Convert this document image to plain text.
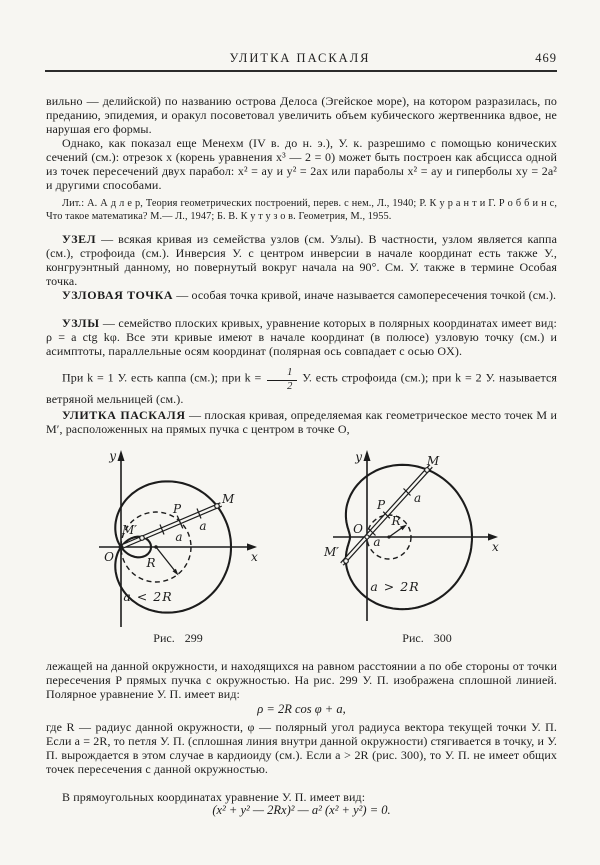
УЛИТКА ПАСКАЛЯ	469
вильно — делийской) по названию острова Делоса (Эгейское море), на котором разразилась, по преданию, эпидемия, и оракул посоветовал увеличить объем кубического жертвенника вдвое, не нарушая его формы.
Однако, как показал еще Менехм (IV в. до н. э.), У. к. разрешимо с помощью конических сечений (см.): отрезок x (корень уравнения x³ — 2 = 0) может быть построен как абсцисса одной из точек пересечений двух парабол: x² = ay и y² = 2ax или параболы x² = ay и гиперболы xy = 2a² и другими способами.
Лит.: А. А д л е р, Теория геометрических построений, перев. с нем., Л., 1940; Р. К у р а н т и Г. Р о б б и н с, Что такое математика? М.— Л., 1947; Б. В. К у т у з о в. Геометрия, М., 1955.
УЗЕЛ — всякая кривая из семейства узлов (см. Узлы). В частности, узлом является каппа (см.), строфоида (см.). Инверсия У. с центром инверсии в начале координат есть также У., конгруэнтный данному, но повернутый вокруг начала на 90°. См. У. также в термине Особая точка.
УЗЛОВАЯ ТОЧКА — особая точка кривой, иначе называется самопересечения точкой (см.).
УЗЛЫ — семейство плоских кривых, уравнение которых в полярных координатах имеет вид: ρ = a ctg kφ. Все эти кривые имеют в начале координат (в полюсе) узловую точку (см.) и асимптоты, параллельные осям координат (полярная ось совпадает с осью OX).
При k = 1 У. есть каппа (см.); при $k = \frac{1}{2} У$. есть строфоида (см.); при k = 2 У. называется ветряной мельницей (см.).
УЛИТКА ПАСКАЛЯ — плоская кривая, определяемая как геометрическое место точек M и M′, расположенных на прямых пучка с центром в точке O,
y
x
O
M′
P
M
a
a
R
a < 2R
Рис. 299
y
x
O
M′
P
M
a
a
R
a > 2R
Рис. 300
лежащей на данной окружности, и находящихся на равном расстоянии a по обе стороны от точки пересечения P прямых пучка с окружностью. На рис. 299 У. П. изображена сплошной линией. Полярное уравнение У. П. имеет вид:
ρ = 2R cos φ + a,
где R — радиус данной окружности, φ — полярный угол радиуса вектора текущей точки У. П. Если a = 2R, то петля У. П. (сплошная линия внутри данной окружности) стягивается в точку, и У. П. вырождается в этом случае в кардиоиду (см.). Если a > 2R (рис. 300), то У. П. не имеет общих точек пересечения с данной окружностью.
В прямоугольных координатах уравнение У. П. имеет вид:
(x² + y² — 2Rx)² — a² (x² + y²) = 0.
